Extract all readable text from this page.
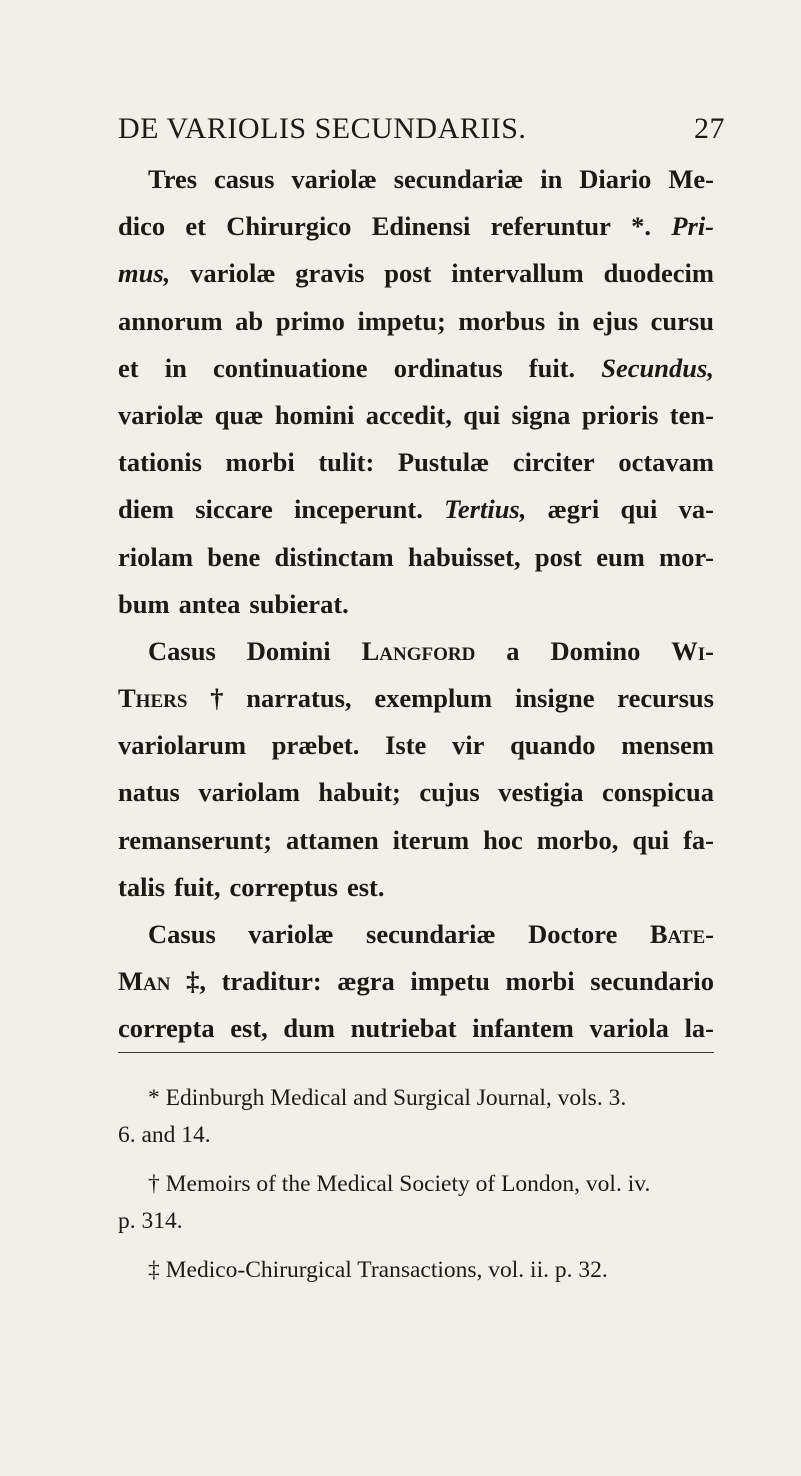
DE VARIOLIS SECUNDARIIS.	27
Tres casus variolæ secundariæ in Diario Me-
dico et Chirurgico Edinensi referuntur *. Pri-
mus, variolæ gravis post intervallum duodecim
annorum ab primo impetu; morbus in ejus cursu
et in continuatione ordinatus fuit. Secundus,
variolæ quæ homini accedit, qui signa prioris ten-
tationis morbi tulit: Pustulæ circiter octavam
diem siccare inceperunt. Tertius, ægri qui va-
riolam bene distinctam habuisset, post eum mor-
bum antea subierat.
Casus Domini Langford a Domino Wi-
Thers † narratus, exemplum insigne recursus
variolarum præbet. Iste vir quando mensem
natus variolam habuit; cujus vestigia conspicua
remanserunt; attamen iterum hoc morbo, qui fa-
talis fuit, correptus est.
Casus variolæ secundariæ Doctore Bate-
Man ‡, traditur: ægra impetu morbi secundario
correpta est, dum nutriebat infantem variola la-
* Edinburgh Medical and Surgical Journal, vols. 3.
6. and 14.
† Memoirs of the Medical Society of London, vol. iv.
p. 314.
‡ Medico-Chirurgical Transactions, vol. ii. p. 32.
